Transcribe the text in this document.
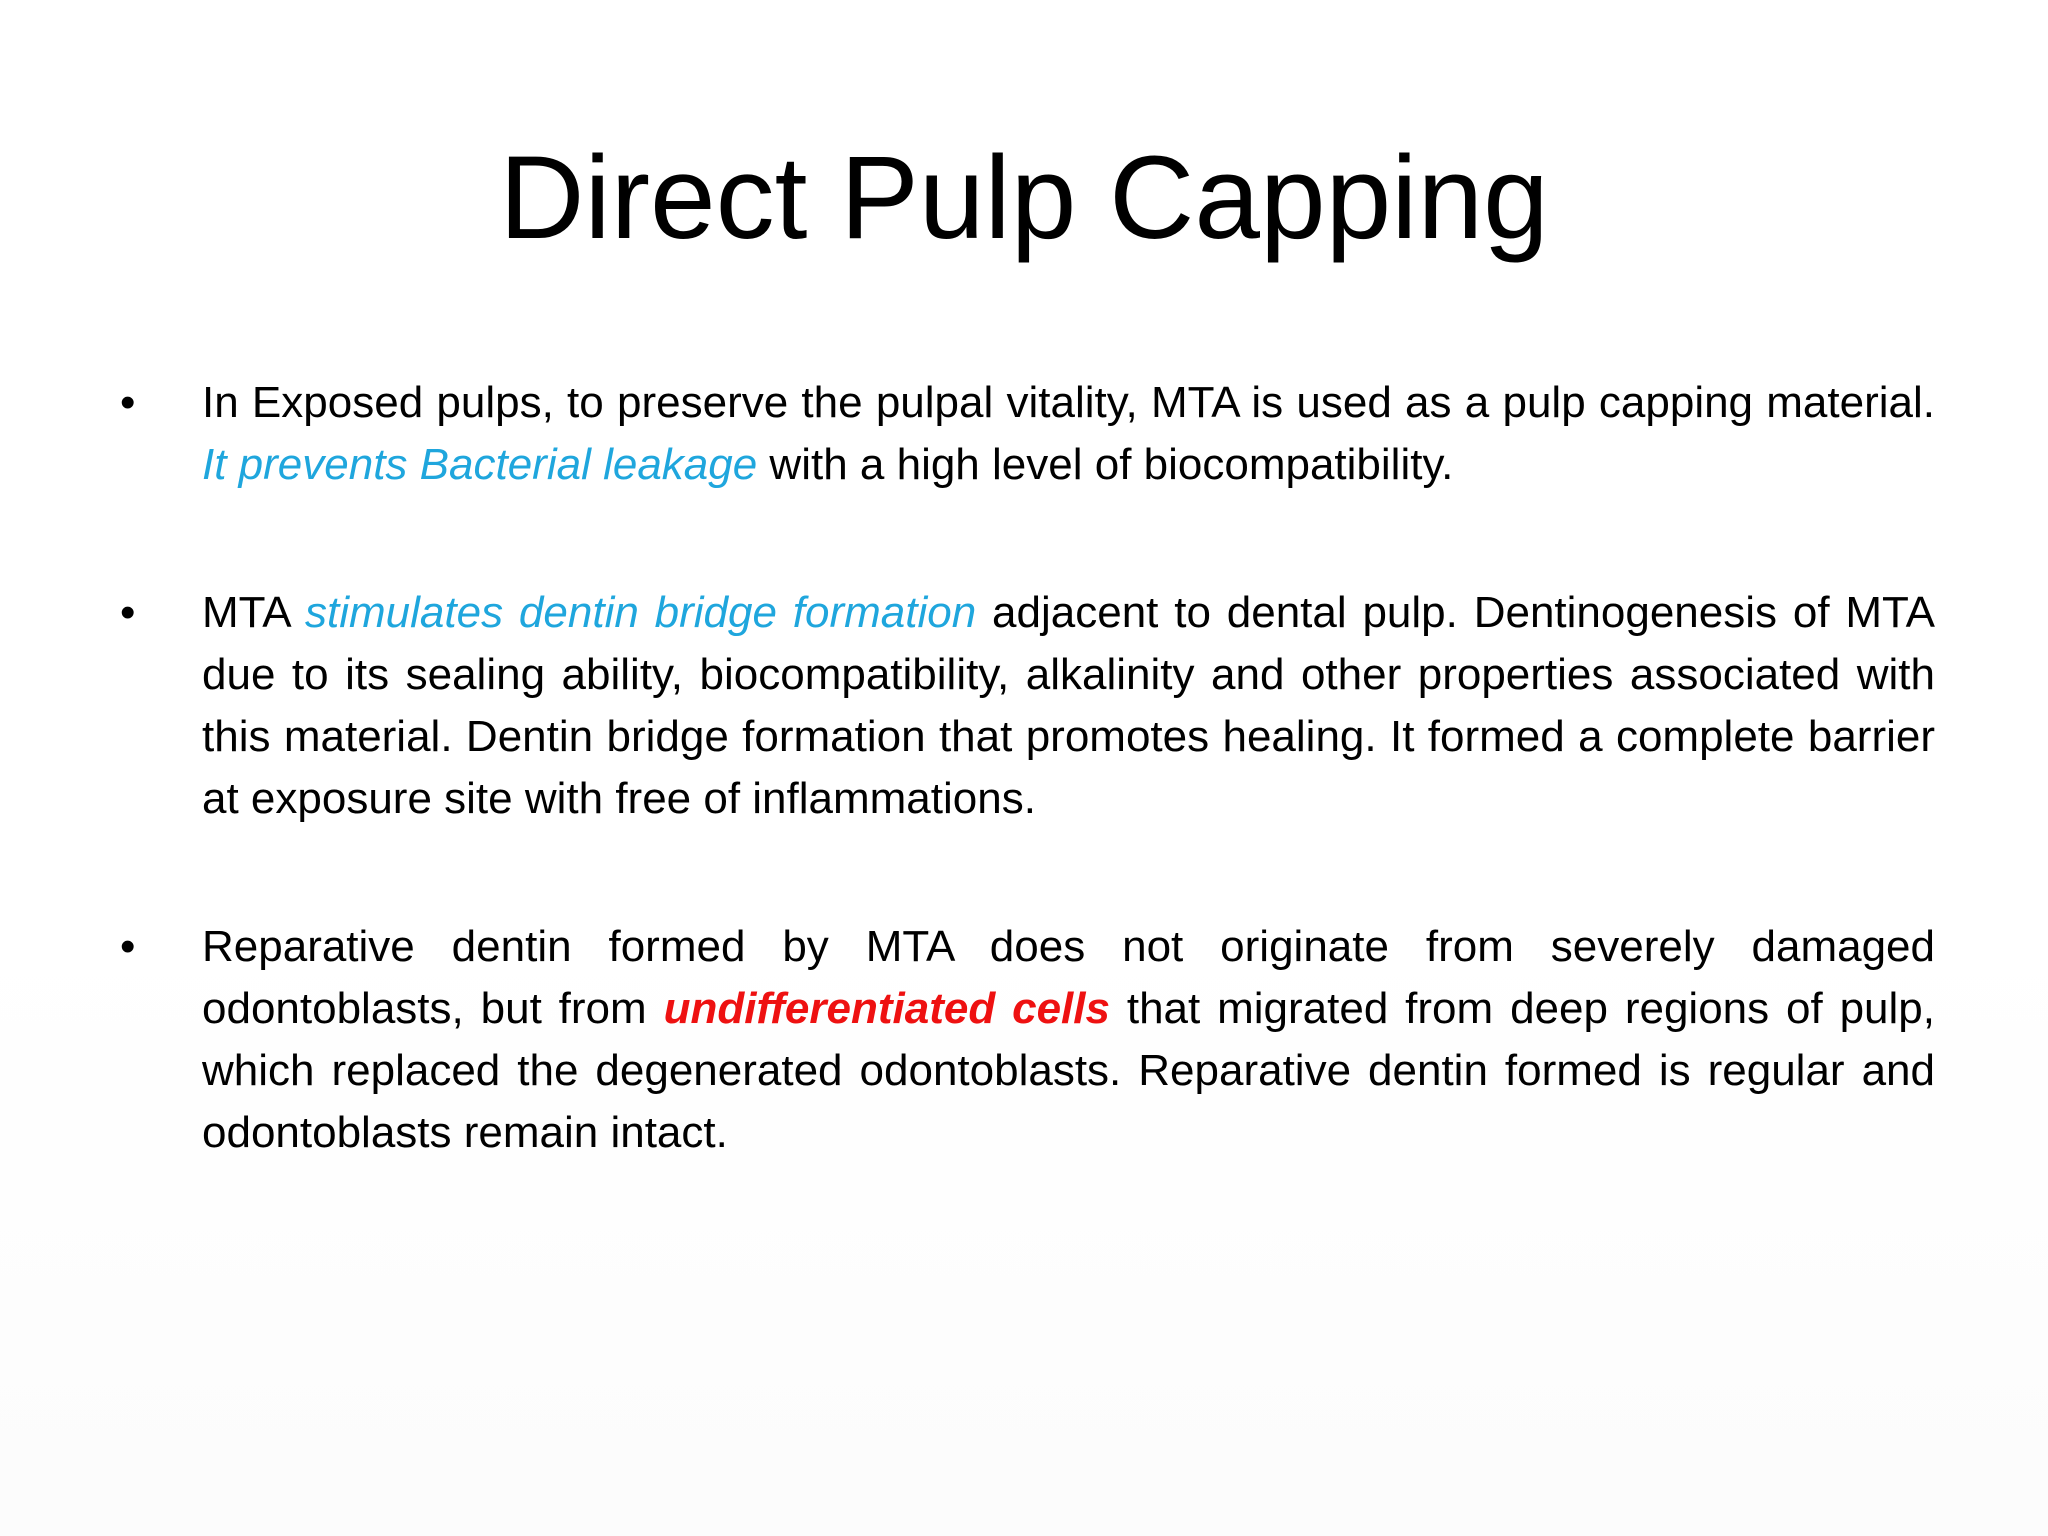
Direct Pulp Capping
•	In Exposed pulps, to preserve the pulpal vitality, MTA is used as a pulp capping material. It prevents Bacterial leakage with a high level of biocompatibility.
•	MTA stimulates dentin bridge formation adjacent to dental pulp. Dentinogenesis of MTA due to its sealing ability, biocompatibility, alkalinity and other properties associated with this material. Dentin bridge formation that promotes healing. It formed a complete barrier at exposure site with free of inflammations.
•	Reparative dentin formed by MTA does not originate from severely damaged odontoblasts, but from undifferentiated cells that migrated from deep regions of pulp, which replaced the degenerated odontoblasts. Reparative dentin formed is regular and odontoblasts remain intact.
